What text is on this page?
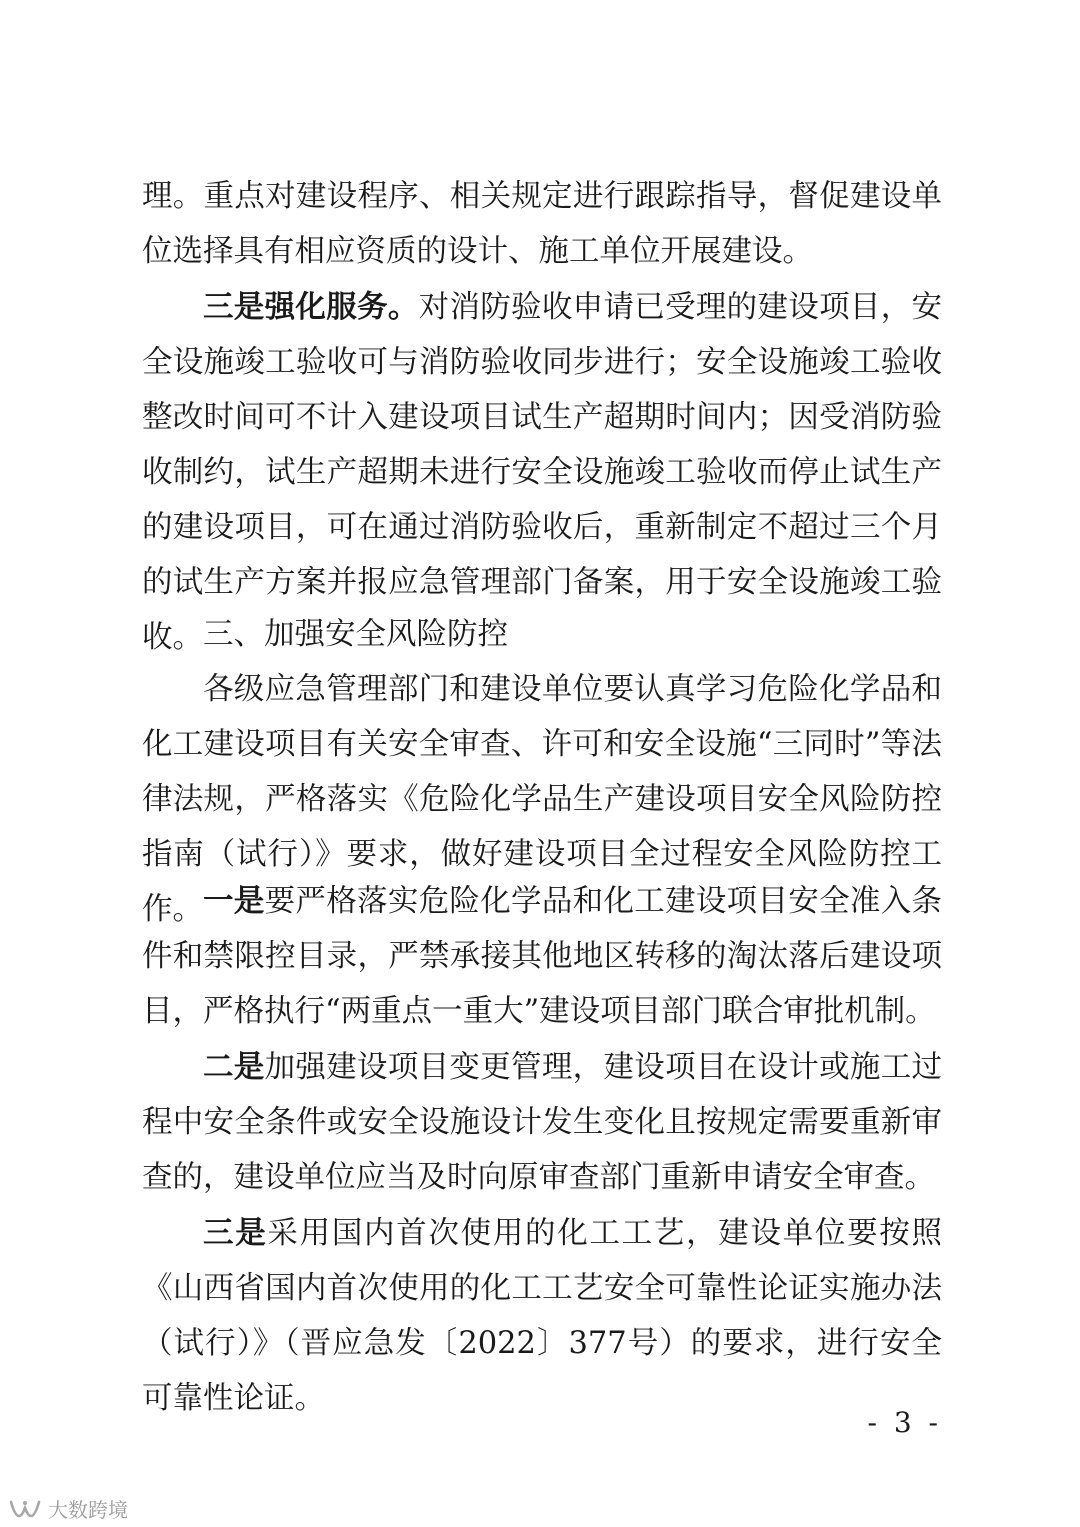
理。重点对建设程序、相关规定进行跟踪指导，督促建设单位选择具有相应资质的设计、施工单位开展建设。

三是强化服务。对消防验收申请已受理的建设项目，安全设施竣工验收可与消防验收同步进行；安全设施竣工验收整改时间可不计入建设项目试生产超期时间内；因受消防验收制约，试生产超期未进行安全设施竣工验收而停止试生产的建设项目，可在通过消防验收后，重新制定不超过三个月的试生产方案并报应急管理部门备案，用于安全设施竣工验收。 三、加强安全风险防控

各级应急管理部门和建设单位要认真学习危险化学品和化工建设项目有关安全审查、许可和安全设施“三同时”等法律法规，严格落实《危险化学品生产建设项目安全风险防控指南（试行）》要求，做好建设项目全过程安全风险防控工作。 一是要严格落实危险化学品和化工建设项目安全准入条件和禁限控目录，严禁承接其他地区转移的淘汰落后建设项目，严格执行“两重点一重大”建设项目部门联合审批机制。

二是加强建设项目变更管理，建设项目在设计或施工过程中安全条件或安全设施设计发生变化且按规定需要重新审查的，建设单位应当及时向原审查部门重新申请安全审查。

三是采用国内首次使用的化工工艺，建设单位要按照《山西省国内首次使用的化工工艺安全可靠性论证实施办法（试行）》（晋应急发〔2022〕377号）的要求，进行安全可靠性论证。

- 3 -
大数跨境
